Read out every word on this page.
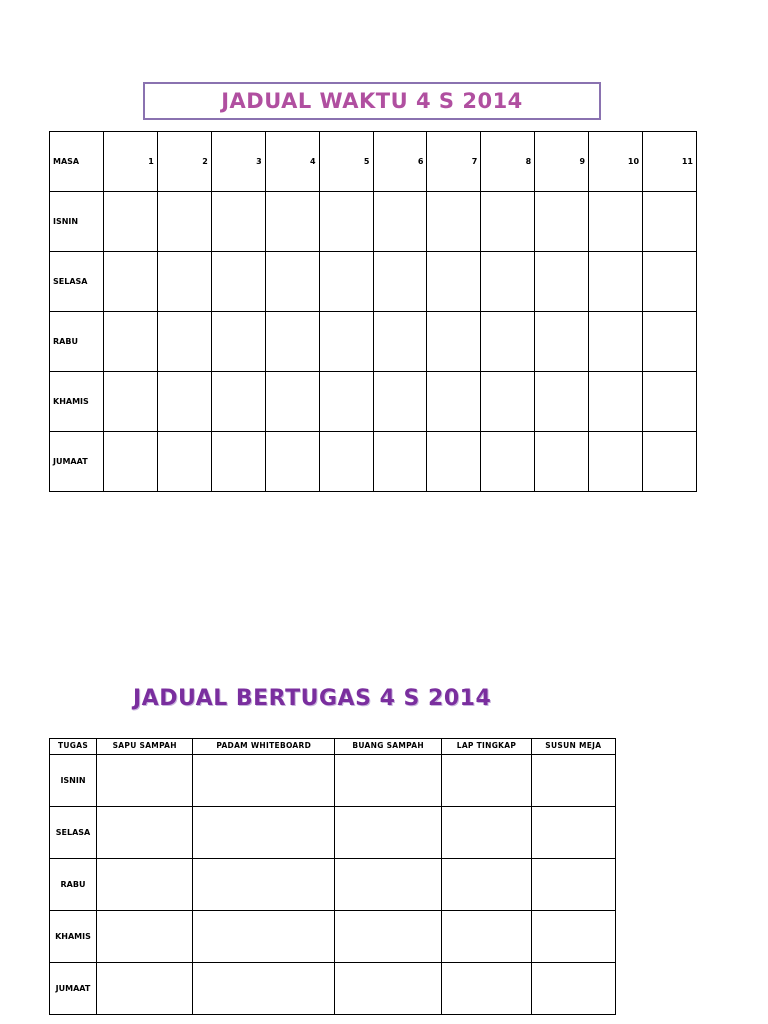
JADUAL WAKTU 4 S 2014
MASA	1	2	3	4	5	6	7	8	9	10	11
ISNIN											
SELASA											
RABU											
KHAMIS											
JUMAAT											
JADUAL BERTUGAS 4 S 2014
TUGAS	SAPU SAMPAH	PADAM WHITEBOARD	BUANG SAMPAH	LAP TINGKAP	SUSUN MEJA
ISNIN					
SELASA					
RABU					
KHAMIS					
JUMAAT					
